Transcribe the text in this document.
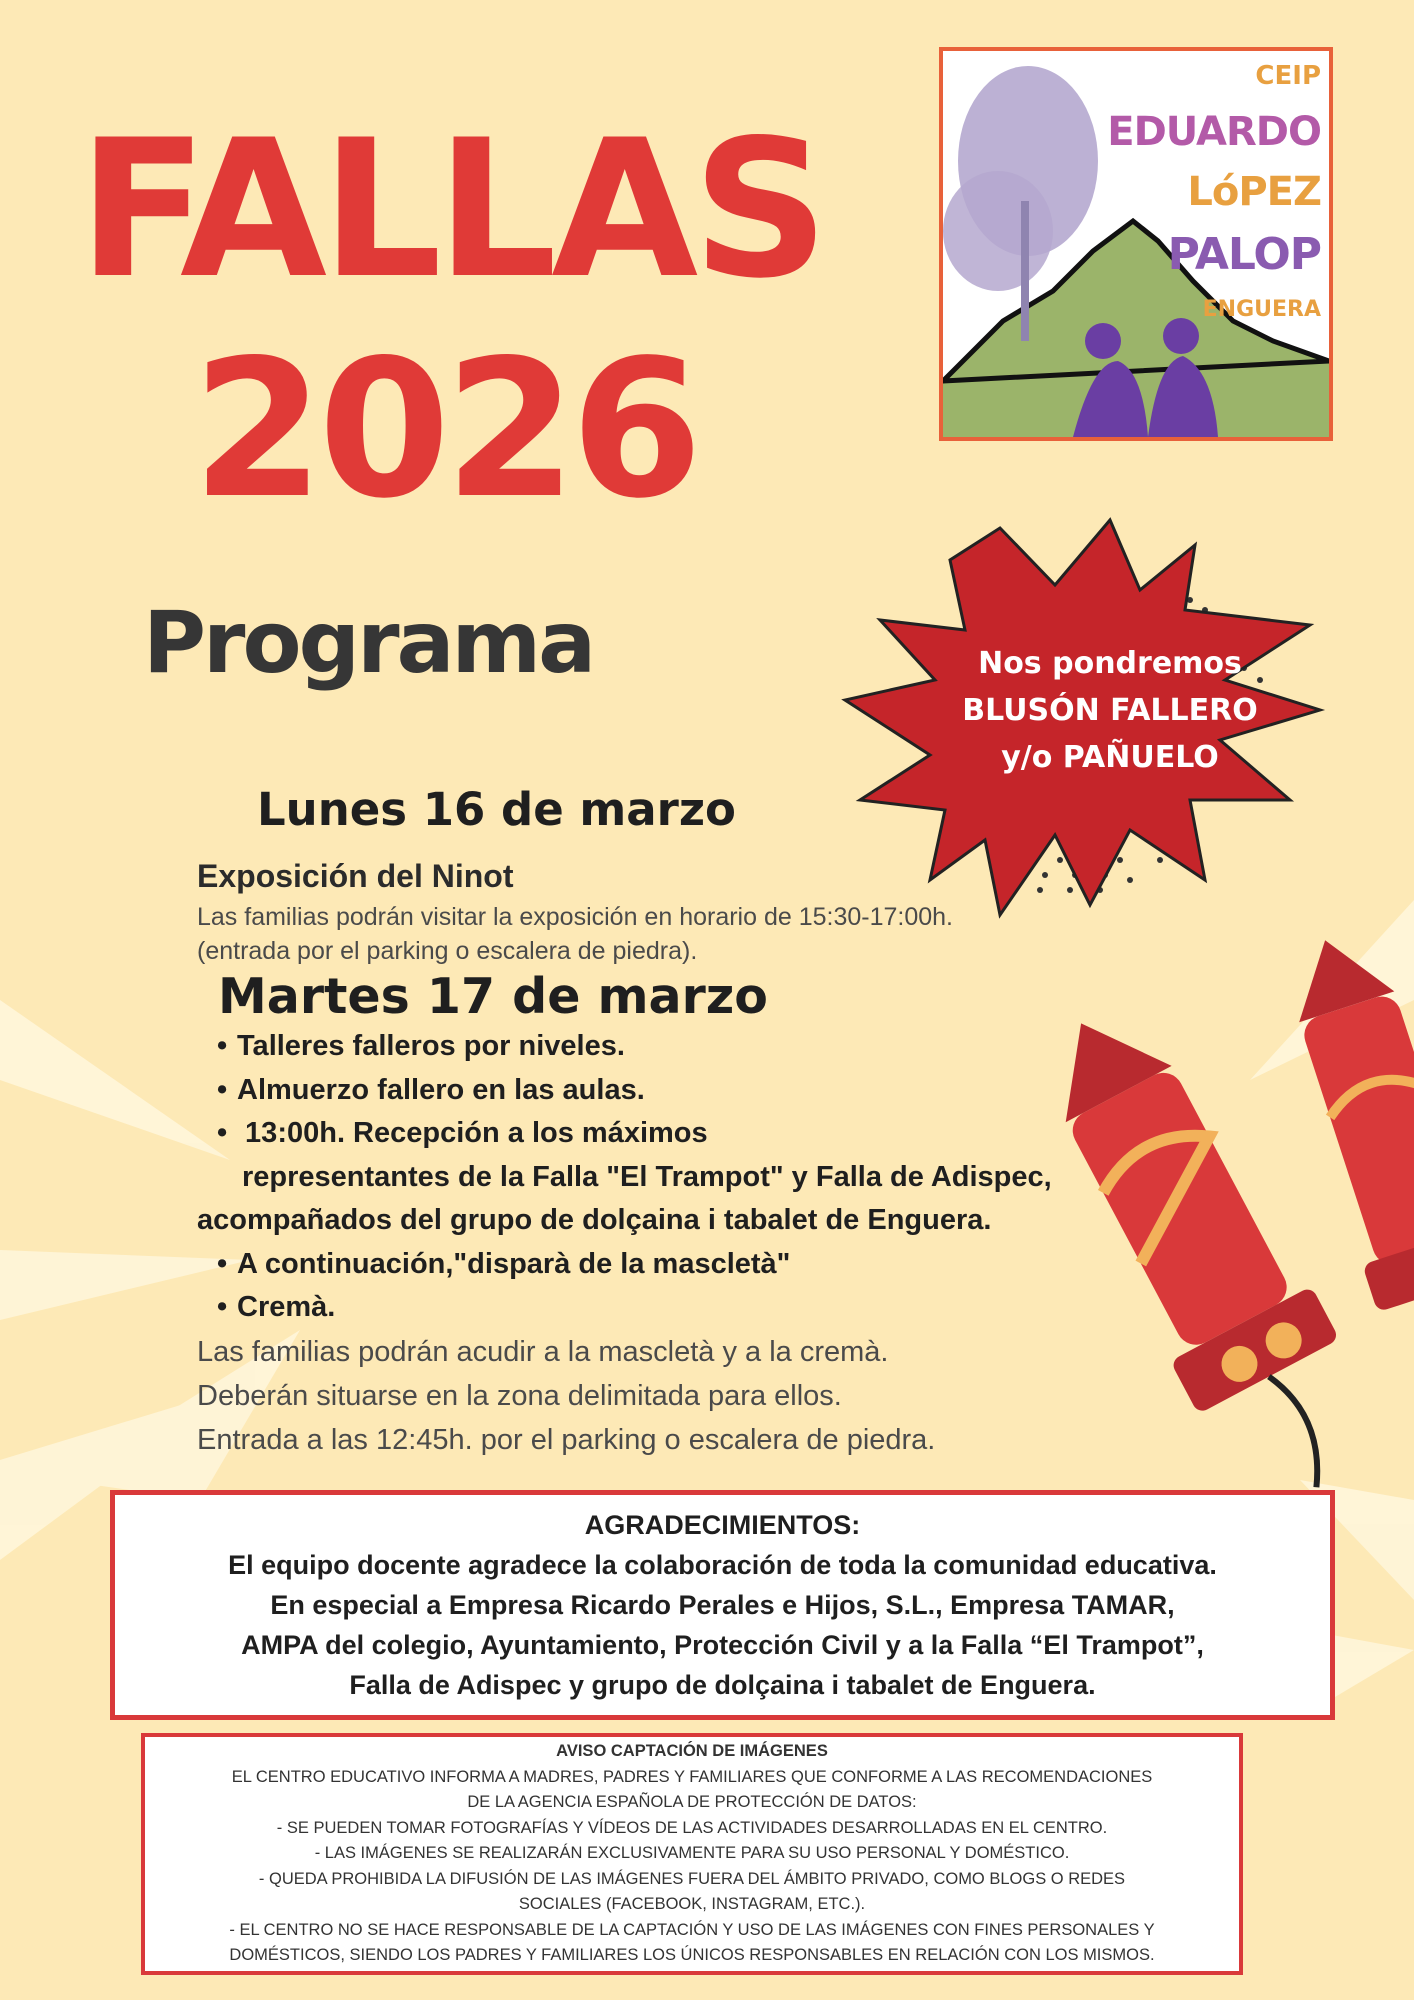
FALLAS
2026
Programa
CEIP
EDUARDO
LóPEZ
PALOP
ENGUERA
Nos pondremos
BLUSÓN FALLERO
y/o PAÑUELO
Lunes 16 de marzo
Exposición del Ninot
Las familias podrán visitar la exposición en horario de 15:30-17:00h.
(entrada por el parking o escalera de piedra).
Martes 17 de marzo
• Talleres falleros por niveles.
• Almuerzo fallero en las aulas.
• 13:00h. Recepción a los máximos
representantes de la Falla "El Trampot" y Falla de Adispec,
acompañados del grupo de dolçaina i tabalet de Enguera.
• A continuación,"disparà de la mascletà"
• Cremà.
Las familias podrán acudir a la mascletà y a la cremà.
Deberán situarse en la zona delimitada para ellos.
Entrada a las 12:45h. por el parking o escalera de piedra.
AGRADECIMIENTOS:
El equipo docente agradece la colaboración de toda la comunidad educativa.
En especial a Empresa Ricardo Perales e Hijos, S.L., Empresa TAMAR,
AMPA del colegio, Ayuntamiento, Protección Civil y a la Falla “El Trampot”,
Falla de Adispec y grupo de dolçaina i tabalet de Enguera.
AVISO CAPTACIÓN DE IMÁGENES
EL CENTRO EDUCATIVO INFORMA A MADRES, PADRES Y FAMILIARES QUE CONFORME A LAS RECOMENDACIONES
DE LA AGENCIA ESPAÑOLA DE PROTECCIÓN DE DATOS:
- SE PUEDEN TOMAR FOTOGRAFÍAS Y VÍDEOS DE LAS ACTIVIDADES DESARROLLADAS EN EL CENTRO.
- LAS IMÁGENES SE REALIZARÁN EXCLUSIVAMENTE PARA SU USO PERSONAL Y DOMÉSTICO.
- QUEDA PROHIBIDA LA DIFUSIÓN DE LAS IMÁGENES FUERA DEL ÁMBITO PRIVADO, COMO BLOGS O REDES
SOCIALES (FACEBOOK, INSTAGRAM, ETC.).
- EL CENTRO NO SE HACE RESPONSABLE DE LA CAPTACIÓN Y USO DE LAS IMÁGENES CON FINES PERSONALES Y
DOMÉSTICOS, SIENDO LOS PADRES Y FAMILIARES LOS ÚNICOS RESPONSABLES EN RELACIÓN CON LOS MISMOS.
